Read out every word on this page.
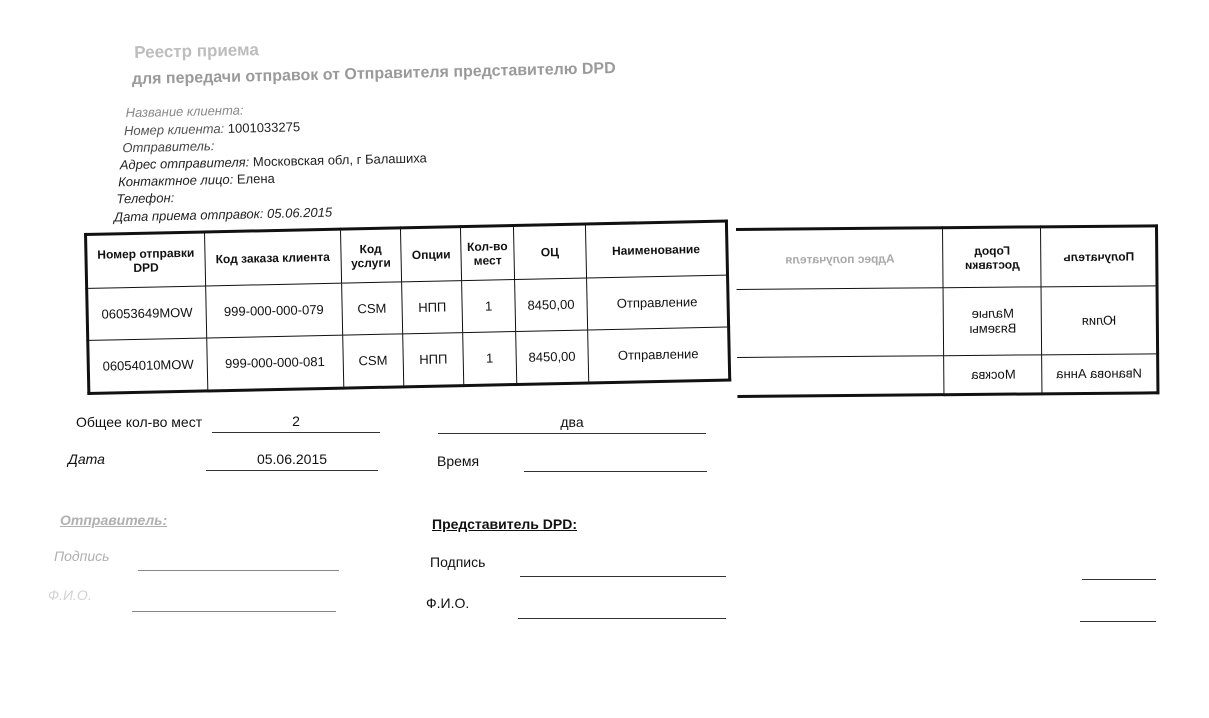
Реестр приема
для передачи отправок от Отправителя представителю DPD
Название клиента:
Номер клиента: 1001033275
Отправитель:
Адрес отправителя: Московская обл, г Балашиха
Контактное лицо: Елена
Телефон:
Дата приема отправок: 05.06.2015
Номер отправки DPD	Код заказа клиента	Код услуги	Опции	Кол-во мест	ОЦ	Наименование
06053649MOW	999-000-000-079	CSM	НПП	1	8450,00	Отправление
06054010MOW	999-000-000-081	CSM	НПП	1	8450,00	Отправление
Адрес получателя	Город доставки	Получатель
	Малые Вяземы	Юлия
	Москва	Иванова Анна
Общее кол-во мест	2	два
Дата	05.06.2015	Время
Отправитель:
Подпись
Ф.И.О.
Представитель DPD:
Подпись
Ф.И.О.
